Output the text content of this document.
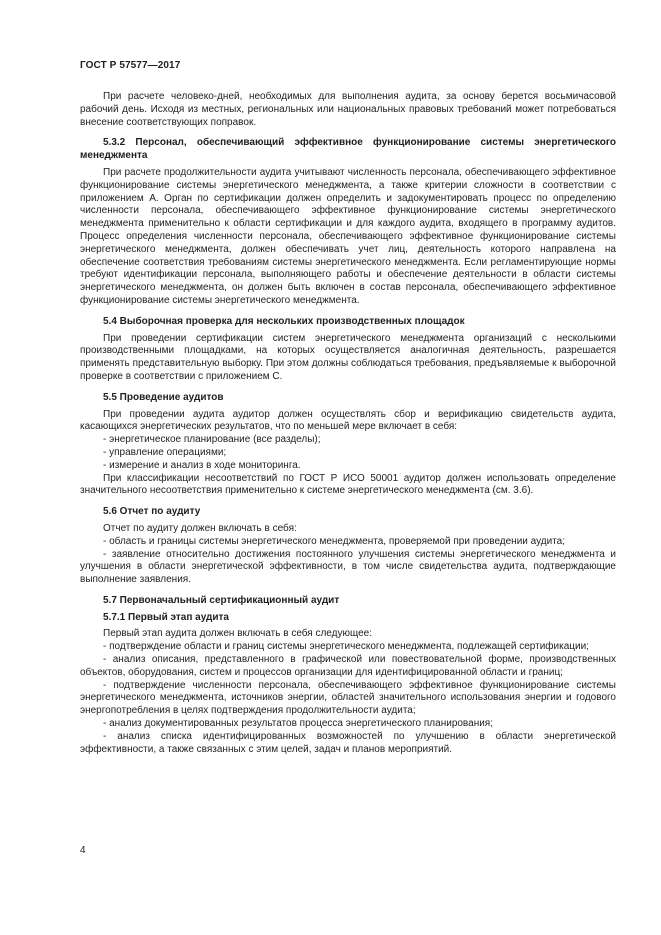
ГОСТ Р 57577—2017

При расчете человеко-дней, необходимых для выполнения аудита, за основу берется восьмичасовой рабочий день. Исходя из местных, региональных или национальных правовых требований может потребоваться внесение соответствующих поправок.

5.3.2 Персонал, обеспечивающий эффективное функционирование системы энергетического менеджмента

При расчете продолжительности аудита учитывают численность персонала, обеспечивающего эффективное функционирование системы энергетического менеджмента, а также критерии сложности в соответствии с приложением А. Орган по сертификации должен определить и задокументировать процесс по определению численности персонала, обеспечивающего эффективное функционирование системы энергетического менеджмента применительно к области сертификации и для каждого аудита, входящего в программу аудитов. Процесс определения численности персонала, обеспечивающего эффективное функционирование системы энергетического менеджмента, должен обеспечивать учет лиц, деятельность которого направлена на обеспечение соответствия требованиям системы энергетического менеджмента. Если регламентирующие нормы требуют идентификации персонала, выполняющего работы и обеспечение деятельности в области системы энергетического менеджмента, он должен быть включен в состав персонала, обеспечивающего эффективное функционирование системы энергетического менеджмента.

5.4 Выборочная проверка для нескольких производственных площадок

При проведении сертификации систем энергетического менеджмента организаций с несколькими производственными площадками, на которых осуществляется аналогичная деятельность, разрешается применять представительную выборку. При этом должны соблюдаться требования, предъявляемые к выборочной проверке в соответствии с приложением С.

5.5 Проведение аудитов

При проведении аудита аудитор должен осуществлять сбор и верификацию свидетельств аудита, касающихся энергетических результатов, что по меньшей мере включает в себя:

- энергетическое планирование (все разделы);

- управление операциями;

- измерение и анализ в ходе мониторинга.

При классификации несоответствий по ГОСТ Р ИСО 50001 аудитор должен использовать определение значительного несоответствия применительно к системе энергетического менеджмента (см. 3.6).

5.6 Отчет по аудиту

Отчет по аудиту должен включать в себя:

- область и границы системы энергетического менеджмента, проверяемой при проведении аудита;

- заявление относительно достижения постоянного улучшения системы энергетического менеджмента и улучшения в области энергетической эффективности, в том числе свидетельства аудита, подтверждающие выполнение заявления.

5.7 Первоначальный сертификационный аудит
5.7.1 Первый этап аудита

Первый этап аудита должен включать в себя следующее:

- подтверждение области и границ системы энергетического менеджмента, подлежащей сертификации;

- анализ описания, представленного в графической или повествовательной форме, производственных объектов, оборудования, систем и процессов организации для идентифицированной области и границ;

- подтверждение численности персонала, обеспечивающего эффективное функционирование системы энергетического менеджмента, источников энергии, областей значительного использования энергии и годового энергопотребления в целях подтверждения продолжительности аудита;

- анализ документированных результатов процесса энергетического планирования;

- анализ списка идентифицированных возможностей по улучшению в области энергетической эффективности, а также связанных с этим целей, задач и планов мероприятий.

4
